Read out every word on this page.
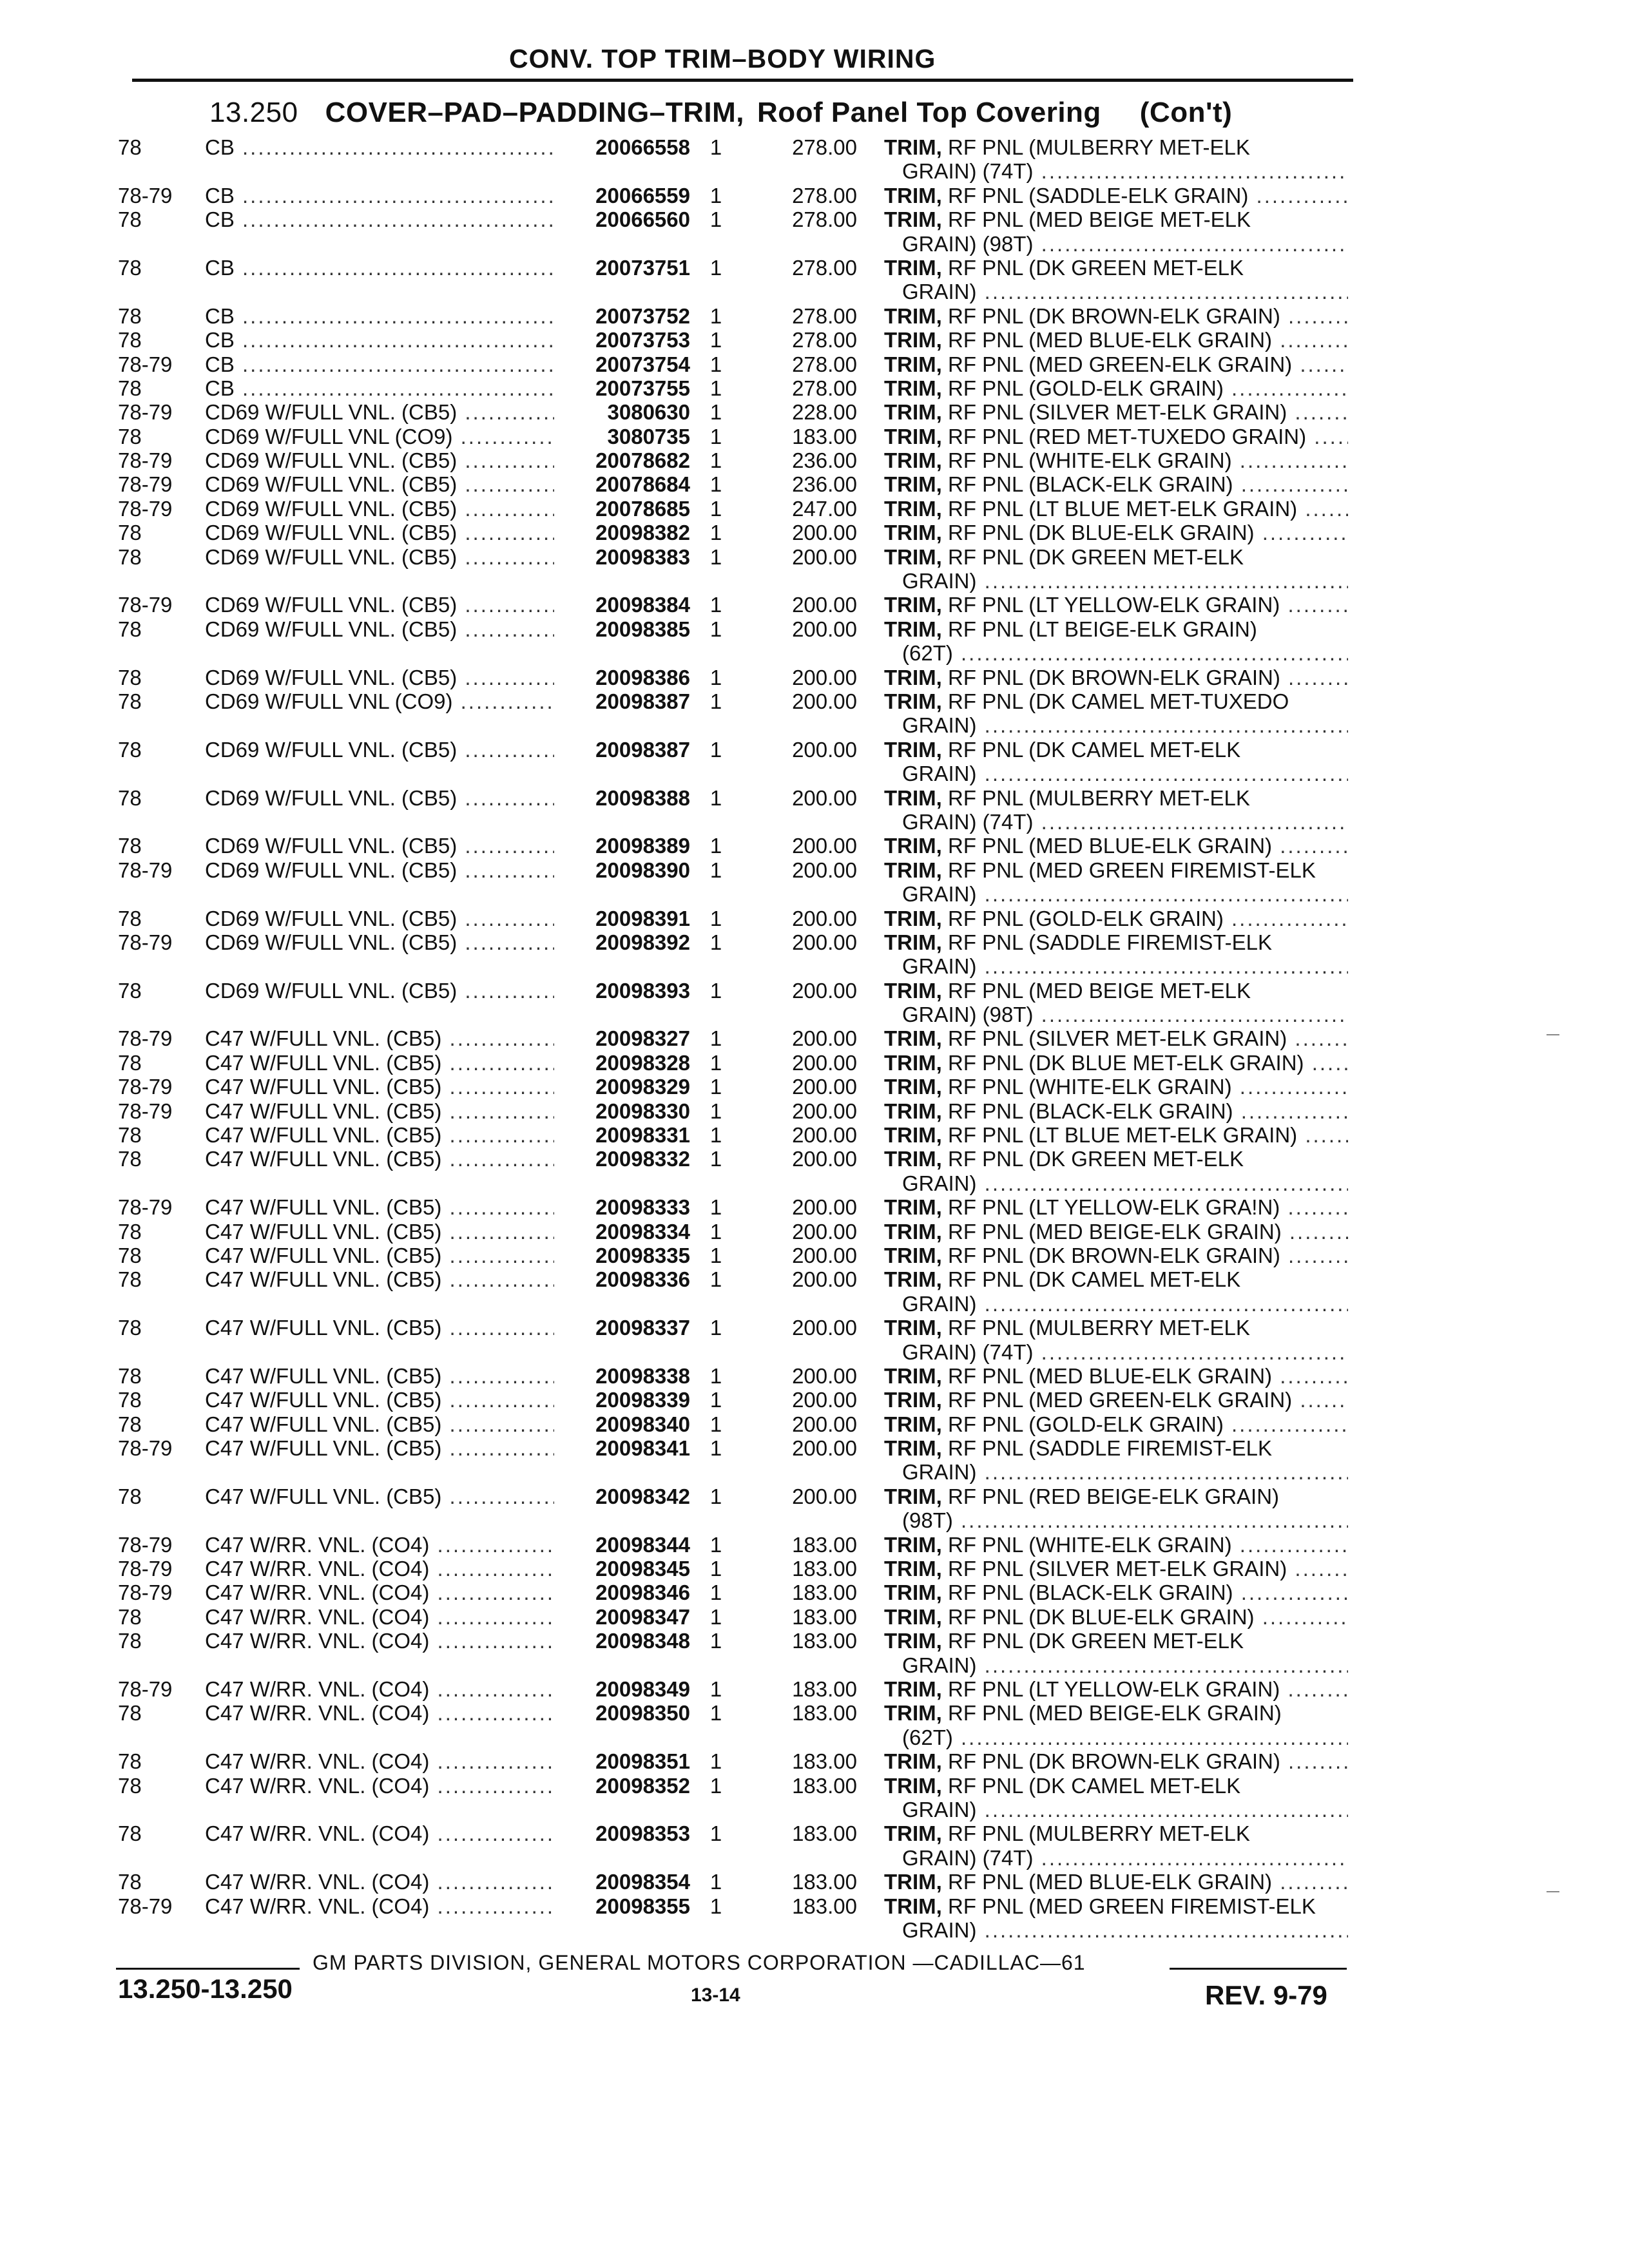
CONV. TOP TRIM–BODY WIRING
13.250 COVER–PAD–PADDING–TRIM, Roof Panel Top Covering (Con't)
78	CB .....	20066558 1	278.00 TRIM, RF PNL (MULBERRY MET-ELK
GRAIN) (74T) .....
78-79	CB .....	20066559 1	278.00 TRIM, RF PNL (SADDLE-ELK GRAIN) .....
78	CB .....	20066560 1	278.00 TRIM, RF PNL (MED BEIGE MET-ELK
GRAIN) (98T) .....
78	CB .....	20073751 1	278.00 TRIM, RF PNL (DK GREEN MET-ELK
GRAIN) .....
78	CB .....	20073752 1	278.00 TRIM, RF PNL (DK BROWN-ELK GRAIN) .....
78	CB .....	20073753 1	278.00 TRIM, RF PNL (MED BLUE-ELK GRAIN) .....
78-79	CB .....	20073754 1	278.00 TRIM, RF PNL (MED GREEN-ELK GRAIN) .....
78	CB .....	20073755 1	278.00 TRIM, RF PNL (GOLD-ELK GRAIN) .....
78-79	CD69 W/FULL VNL. (CB5) .....	3080630 1	228.00 TRIM, RF PNL (SILVER MET-ELK GRAIN) .....
78	CD69 W/FULL VNL (CO9) .....	3080735 1	183.00 TRIM, RF PNL (RED MET-TUXEDO GRAIN) .....
78-79	CD69 W/FULL VNL. (CB5) .....	20078682 1	236.00 TRIM, RF PNL (WHITE-ELK GRAIN) .....
78-79	CD69 W/FULL VNL. (CB5) .....	20078684 1	236.00 TRIM, RF PNL (BLACK-ELK GRAIN) .....
78-79	CD69 W/FULL VNL. (CB5) .....	20078685 1	247.00 TRIM, RF PNL (LT BLUE MET-ELK GRAIN) .....
78	CD69 W/FULL VNL. (CB5) .....	20098382 1	200.00 TRIM, RF PNL (DK BLUE-ELK GRAIN) .....
78	CD69 W/FULL VNL. (CB5) .....	20098383 1	200.00 TRIM, RF PNL (DK GREEN MET-ELK
GRAIN) .....
78-79	CD69 W/FULL VNL. (CB5) .....	20098384 1	200.00 TRIM, RF PNL (LT YELLOW-ELK GRAIN) .....
78	CD69 W/FULL VNL. (CB5) .....	20098385 1	200.00 TRIM, RF PNL (LT BEIGE-ELK GRAIN)
(62T) .....
78	CD69 W/FULL VNL. (CB5) .....	20098386 1	200.00 TRIM, RF PNL (DK BROWN-ELK GRAIN) .....
78	CD69 W/FULL VNL (CO9) .....	20098387 1	200.00 TRIM, RF PNL (DK CAMEL MET-TUXEDO
GRAIN) .....
78	CD69 W/FULL VNL. (CB5) .....	20098387 1	200.00 TRIM, RF PNL (DK CAMEL MET-ELK
GRAIN) .....
78	CD69 W/FULL VNL. (CB5) .....	20098388 1	200.00 TRIM, RF PNL (MULBERRY MET-ELK
GRAIN) (74T) .....
78	CD69 W/FULL VNL. (CB5) .....	20098389 1	200.00 TRIM, RF PNL (MED BLUE-ELK GRAIN) .....
78-79	CD69 W/FULL VNL. (CB5) .....	20098390 1	200.00 TRIM, RF PNL (MED GREEN FIREMIST-ELK
GRAIN) .....
78	CD69 W/FULL VNL. (CB5) .....	20098391 1	200.00 TRIM, RF PNL (GOLD-ELK GRAIN) .....
78-79	CD69 W/FULL VNL. (CB5) .....	20098392 1	200.00 TRIM, RF PNL (SADDLE FIREMIST-ELK
GRAIN) .....
78	CD69 W/FULL VNL. (CB5) .....	20098393 1	200.00 TRIM, RF PNL (MED BEIGE MET-ELK
GRAIN) (98T) .....
78-79	C47 W/FULL VNL. (CB5) .....	20098327 1	200.00 TRIM, RF PNL (SILVER MET-ELK GRAIN) .....
78	C47 W/FULL VNL. (CB5) .....	20098328 1	200.00 TRIM, RF PNL (DK BLUE MET-ELK GRAIN) .....
78-79	C47 W/FULL VNL. (CB5) .....	20098329 1	200.00 TRIM, RF PNL (WHITE-ELK GRAIN) .....
78-79	C47 W/FULL VNL. (CB5) .....	20098330 1	200.00 TRIM, RF PNL (BLACK-ELK GRAIN) .....
78	C47 W/FULL VNL. (CB5) .....	20098331 1	200.00 TRIM, RF PNL (LT BLUE MET-ELK GRAIN) .....
78	C47 W/FULL VNL. (CB5) .....	20098332 1	200.00 TRIM, RF PNL (DK GREEN MET-ELK
GRAIN) .....
78-79	C47 W/FULL VNL. (CB5) .....	20098333 1	200.00 TRIM, RF PNL (LT YELLOW-ELK GRA!N) .....
78	C47 W/FULL VNL. (CB5) .....	20098334 1	200.00 TRIM, RF PNL (MED BEIGE-ELK GRAIN) .....
78	C47 W/FULL VNL. (CB5) .....	20098335 1	200.00 TRIM, RF PNL (DK BROWN-ELK GRAIN) .....
78	C47 W/FULL VNL. (CB5) .....	20098336 1	200.00 TRIM, RF PNL (DK CAMEL MET-ELK
GRAIN) .....
78	C47 W/FULL VNL. (CB5) .....	20098337 1	200.00 TRIM, RF PNL (MULBERRY MET-ELK
GRAIN) (74T) .....
78	C47 W/FULL VNL. (CB5) .....	20098338 1	200.00 TRIM, RF PNL (MED BLUE-ELK GRAIN) .....
78	C47 W/FULL VNL. (CB5) .....	20098339 1	200.00 TRIM, RF PNL (MED GREEN-ELK GRAIN) .....
78	C47 W/FULL VNL. (CB5) .....	20098340 1	200.00 TRIM, RF PNL (GOLD-ELK GRAIN) .....
78-79	C47 W/FULL VNL. (CB5) .....	20098341 1	200.00 TRIM, RF PNL (SADDLE FIREMIST-ELK
GRAIN) .....
78	C47 W/FULL VNL. (CB5) .....	20098342 1	200.00 TRIM, RF PNL (RED BEIGE-ELK GRAIN)
(98T) .....
78-79	C47 W/RR. VNL. (CO4) .....	20098344 1	183.00 TRIM, RF PNL (WHITE-ELK GRAIN) .....
78-79	C47 W/RR. VNL. (CO4) .....	20098345 1	183.00 TRIM, RF PNL (SILVER MET-ELK GRAIN) .....
78-79	C47 W/RR. VNL. (CO4) .....	20098346 1	183.00 TRIM, RF PNL (BLACK-ELK GRAIN) .....
78	C47 W/RR. VNL. (CO4) .....	20098347 1	183.00 TRIM, RF PNL (DK BLUE-ELK GRAIN) .....
78	C47 W/RR. VNL. (CO4) .....	20098348 1	183.00 TRIM, RF PNL (DK GREEN MET-ELK
GRAIN) .....
78-79	C47 W/RR. VNL. (CO4) .....	20098349 1	183.00 TRIM, RF PNL (LT YELLOW-ELK GRAIN) .....
78	C47 W/RR. VNL. (CO4) .....	20098350 1	183.00 TRIM, RF PNL (MED BEIGE-ELK GRAIN)
(62T) .....
78	C47 W/RR. VNL. (CO4) .....	20098351 1	183.00 TRIM, RF PNL (DK BROWN-ELK GRAIN) .....
78	C47 W/RR. VNL. (CO4) .....	20098352 1	183.00 TRIM, RF PNL (DK CAMEL MET-ELK
GRAIN) .....
78	C47 W/RR. VNL. (CO4) .....	20098353 1	183.00 TRIM, RF PNL (MULBERRY MET-ELK
GRAIN) (74T) .....
78	C47 W/RR. VNL. (CO4) .....	20098354 1	183.00 TRIM, RF PNL (MED BLUE-ELK GRAIN) .....
78-79	C47 W/RR. VNL. (CO4) .....	20098355 1	183.00 TRIM, RF PNL (MED GREEN FIREMIST-ELK
GRAIN) .....
GM PARTS DIVISION, GENERAL MOTORS CORPORATION —CADILLAC—61
13.250-13.250	13-14	REV. 9-79
